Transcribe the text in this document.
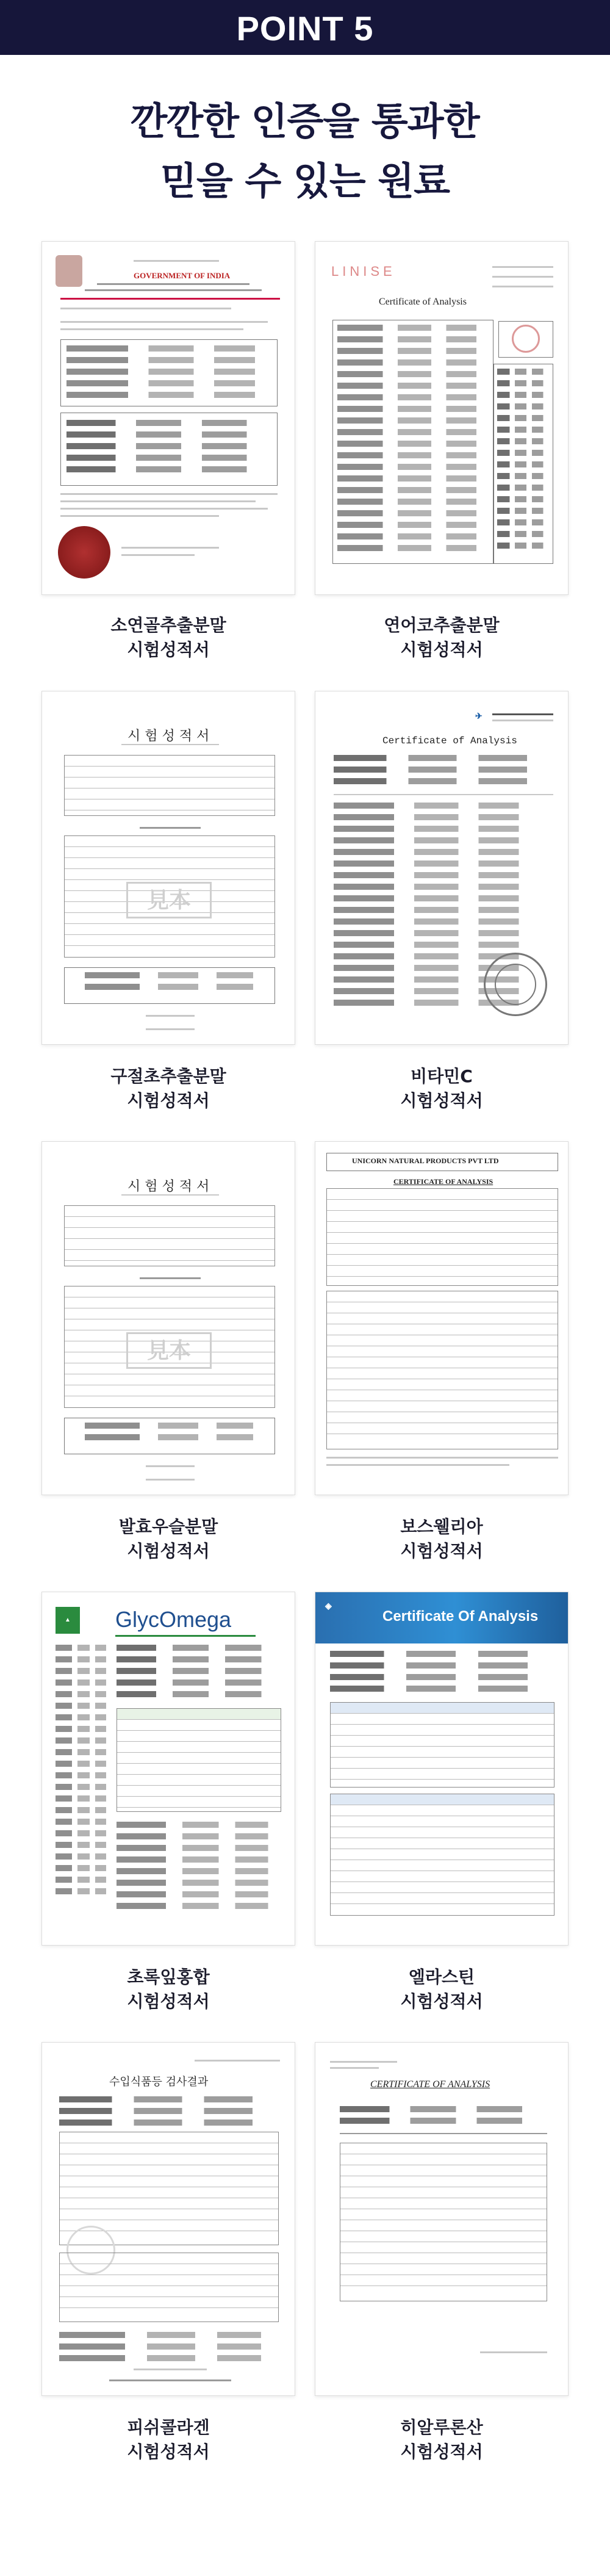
POINT 5
깐깐한 인증을 통과한
믿을 수 있는 원료
GOVERNMENT OF INDIA
소연골추출분말
시험성적서
LINISE
Certificate of Analysis
연어코추출분말
시험성적서
시 험 성 적 서
見本
구절초추출분말
시험성적서
✈︎
Certificate of Analysis
비타민C
시험성적서
시 험 성 적 서
見本
발효우슬분말
시험성적서
UNICORN NATURAL PRODUCTS PVT LTD
CERTIFICATE OF ANALYSIS
보스웰리아
시험성적서
▲	GlycOmega
초록잎홍합
시험성적서
Certificate Of Analysis
◈
엘라스틴
시험성적서
수입식품등 검사결과
피쉬콜라겐
시험성적서
CERTIFICATE OF ANALYSIS
히알루론산
시험성적서
